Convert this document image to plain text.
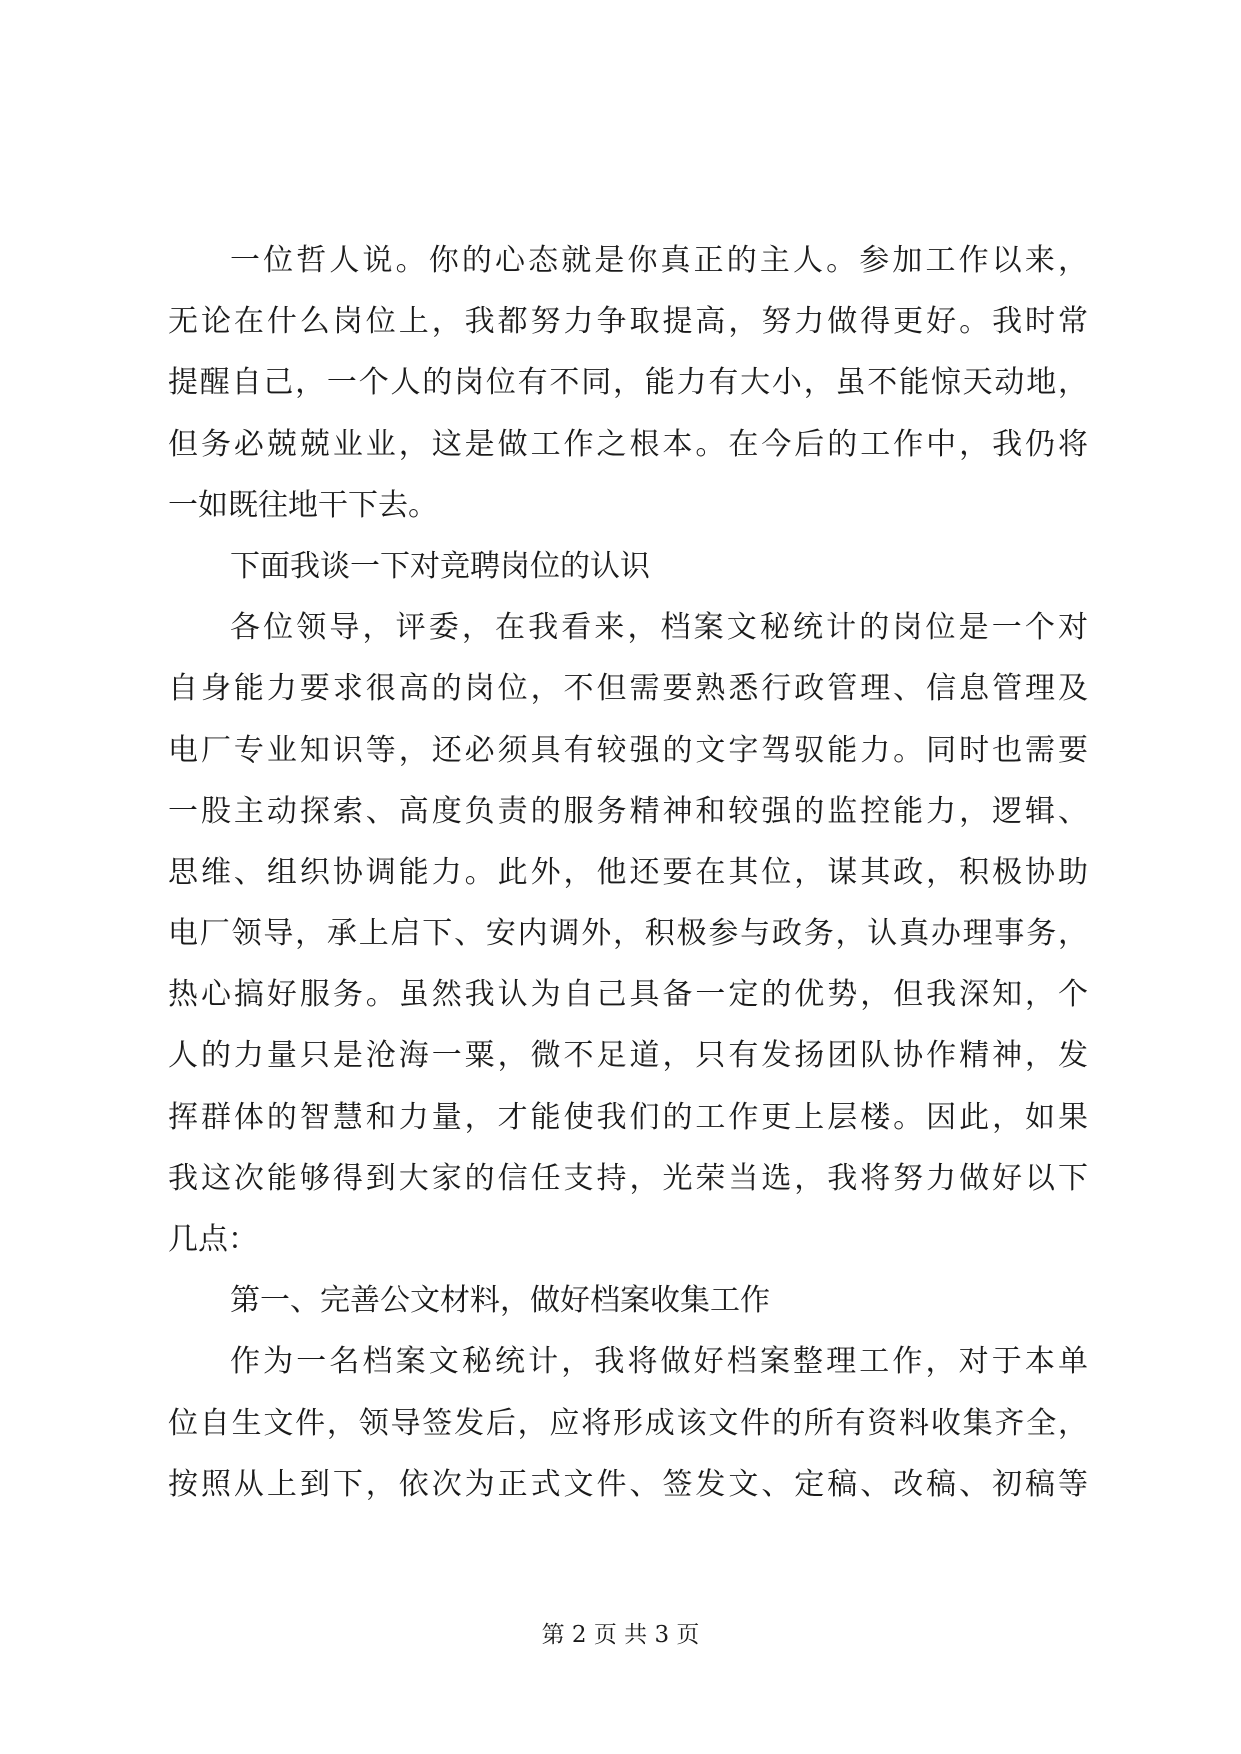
一位哲人说。你的心态就是你真正的主人。参加工作以来，
无论在什么岗位上，我都努力争取提高，努力做得更好。我时常
提醒自己，一个人的岗位有不同，能力有大小，虽不能惊天动地，
但务必兢兢业业，这是做工作之根本。在今后的工作中，我仍将
一如既往地干下去。
下面我谈一下对竞聘岗位的认识
各位领导，评委，在我看来，档案文秘统计的岗位是一个对
自身能力要求很高的岗位，不但需要熟悉行政管理、信息管理及
电厂专业知识等，还必须具有较强的文字驾驭能力。同时也需要
一股主动探索、高度负责的服务精神和较强的监控能力，逻辑、
思维、组织协调能力。此外，他还要在其位，谋其政，积极协助
电厂领导，承上启下、安内调外，积极参与政务，认真办理事务，
热心搞好服务。虽然我认为自己具备一定的优势，但我深知，个
人的力量只是沧海一粟，微不足道，只有发扬团队协作精神，发
挥群体的智慧和力量，才能使我们的工作更上层楼。因此，如果
我这次能够得到大家的信任支持，光荣当选，我将努力做好以下
几点：
第一、完善公文材料，做好档案收集工作
作为一名档案文秘统计，我将做好档案整理工作，对于本单
位自生文件，领导签发后，应将形成该文件的所有资料收集齐全，
按照从上到下，依次为正式文件、签发文、定稿、改稿、初稿等
第 2 页 共 3 页
